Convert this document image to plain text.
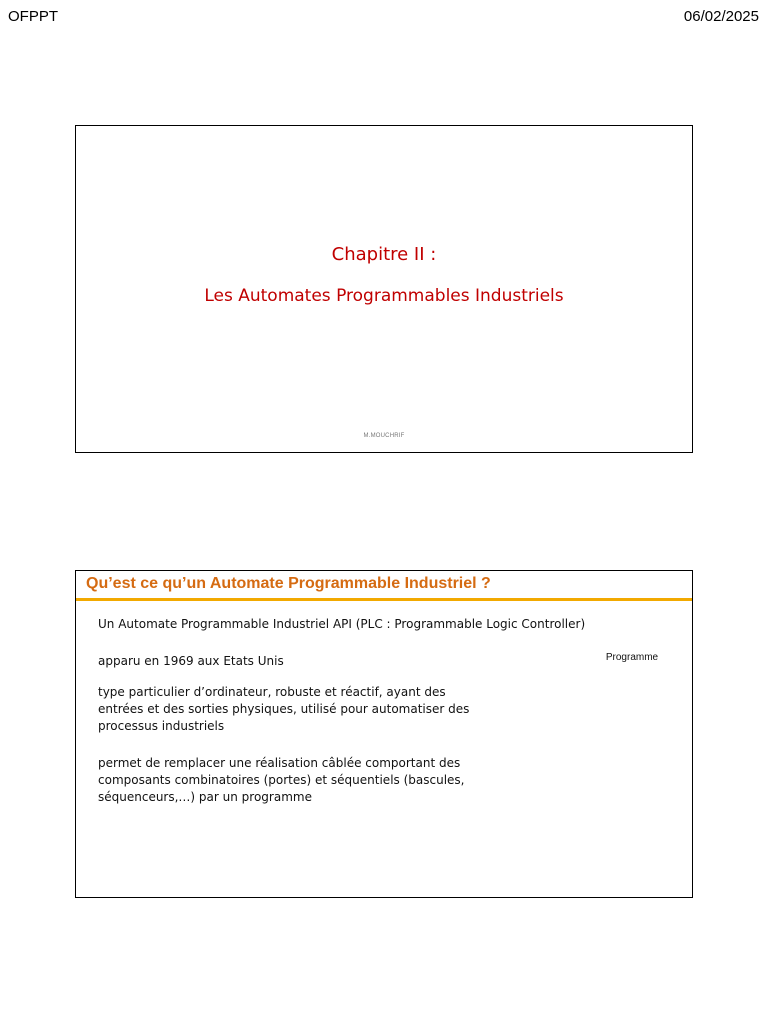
OFPPT	06/02/2025
Chapitre II :
Les Automates Programmables Industriels
M.MOUCHRIF
Qu’est ce qu’un Automate Programmable Industriel ?
Un Automate Programmable Industriel API (PLC : Programmable Logic Controller)
apparu en 1969 aux Etats Unis
type particulier d’ordinateur, robuste et réactif, ayant des entrées et des sorties physiques, utilisé pour automatiser des processus industriels
permet de remplacer une réalisation câblée comportant des composants combinatoires (portes) et séquentiels (bascules, séquenceurs,…) par un programme
Programme
